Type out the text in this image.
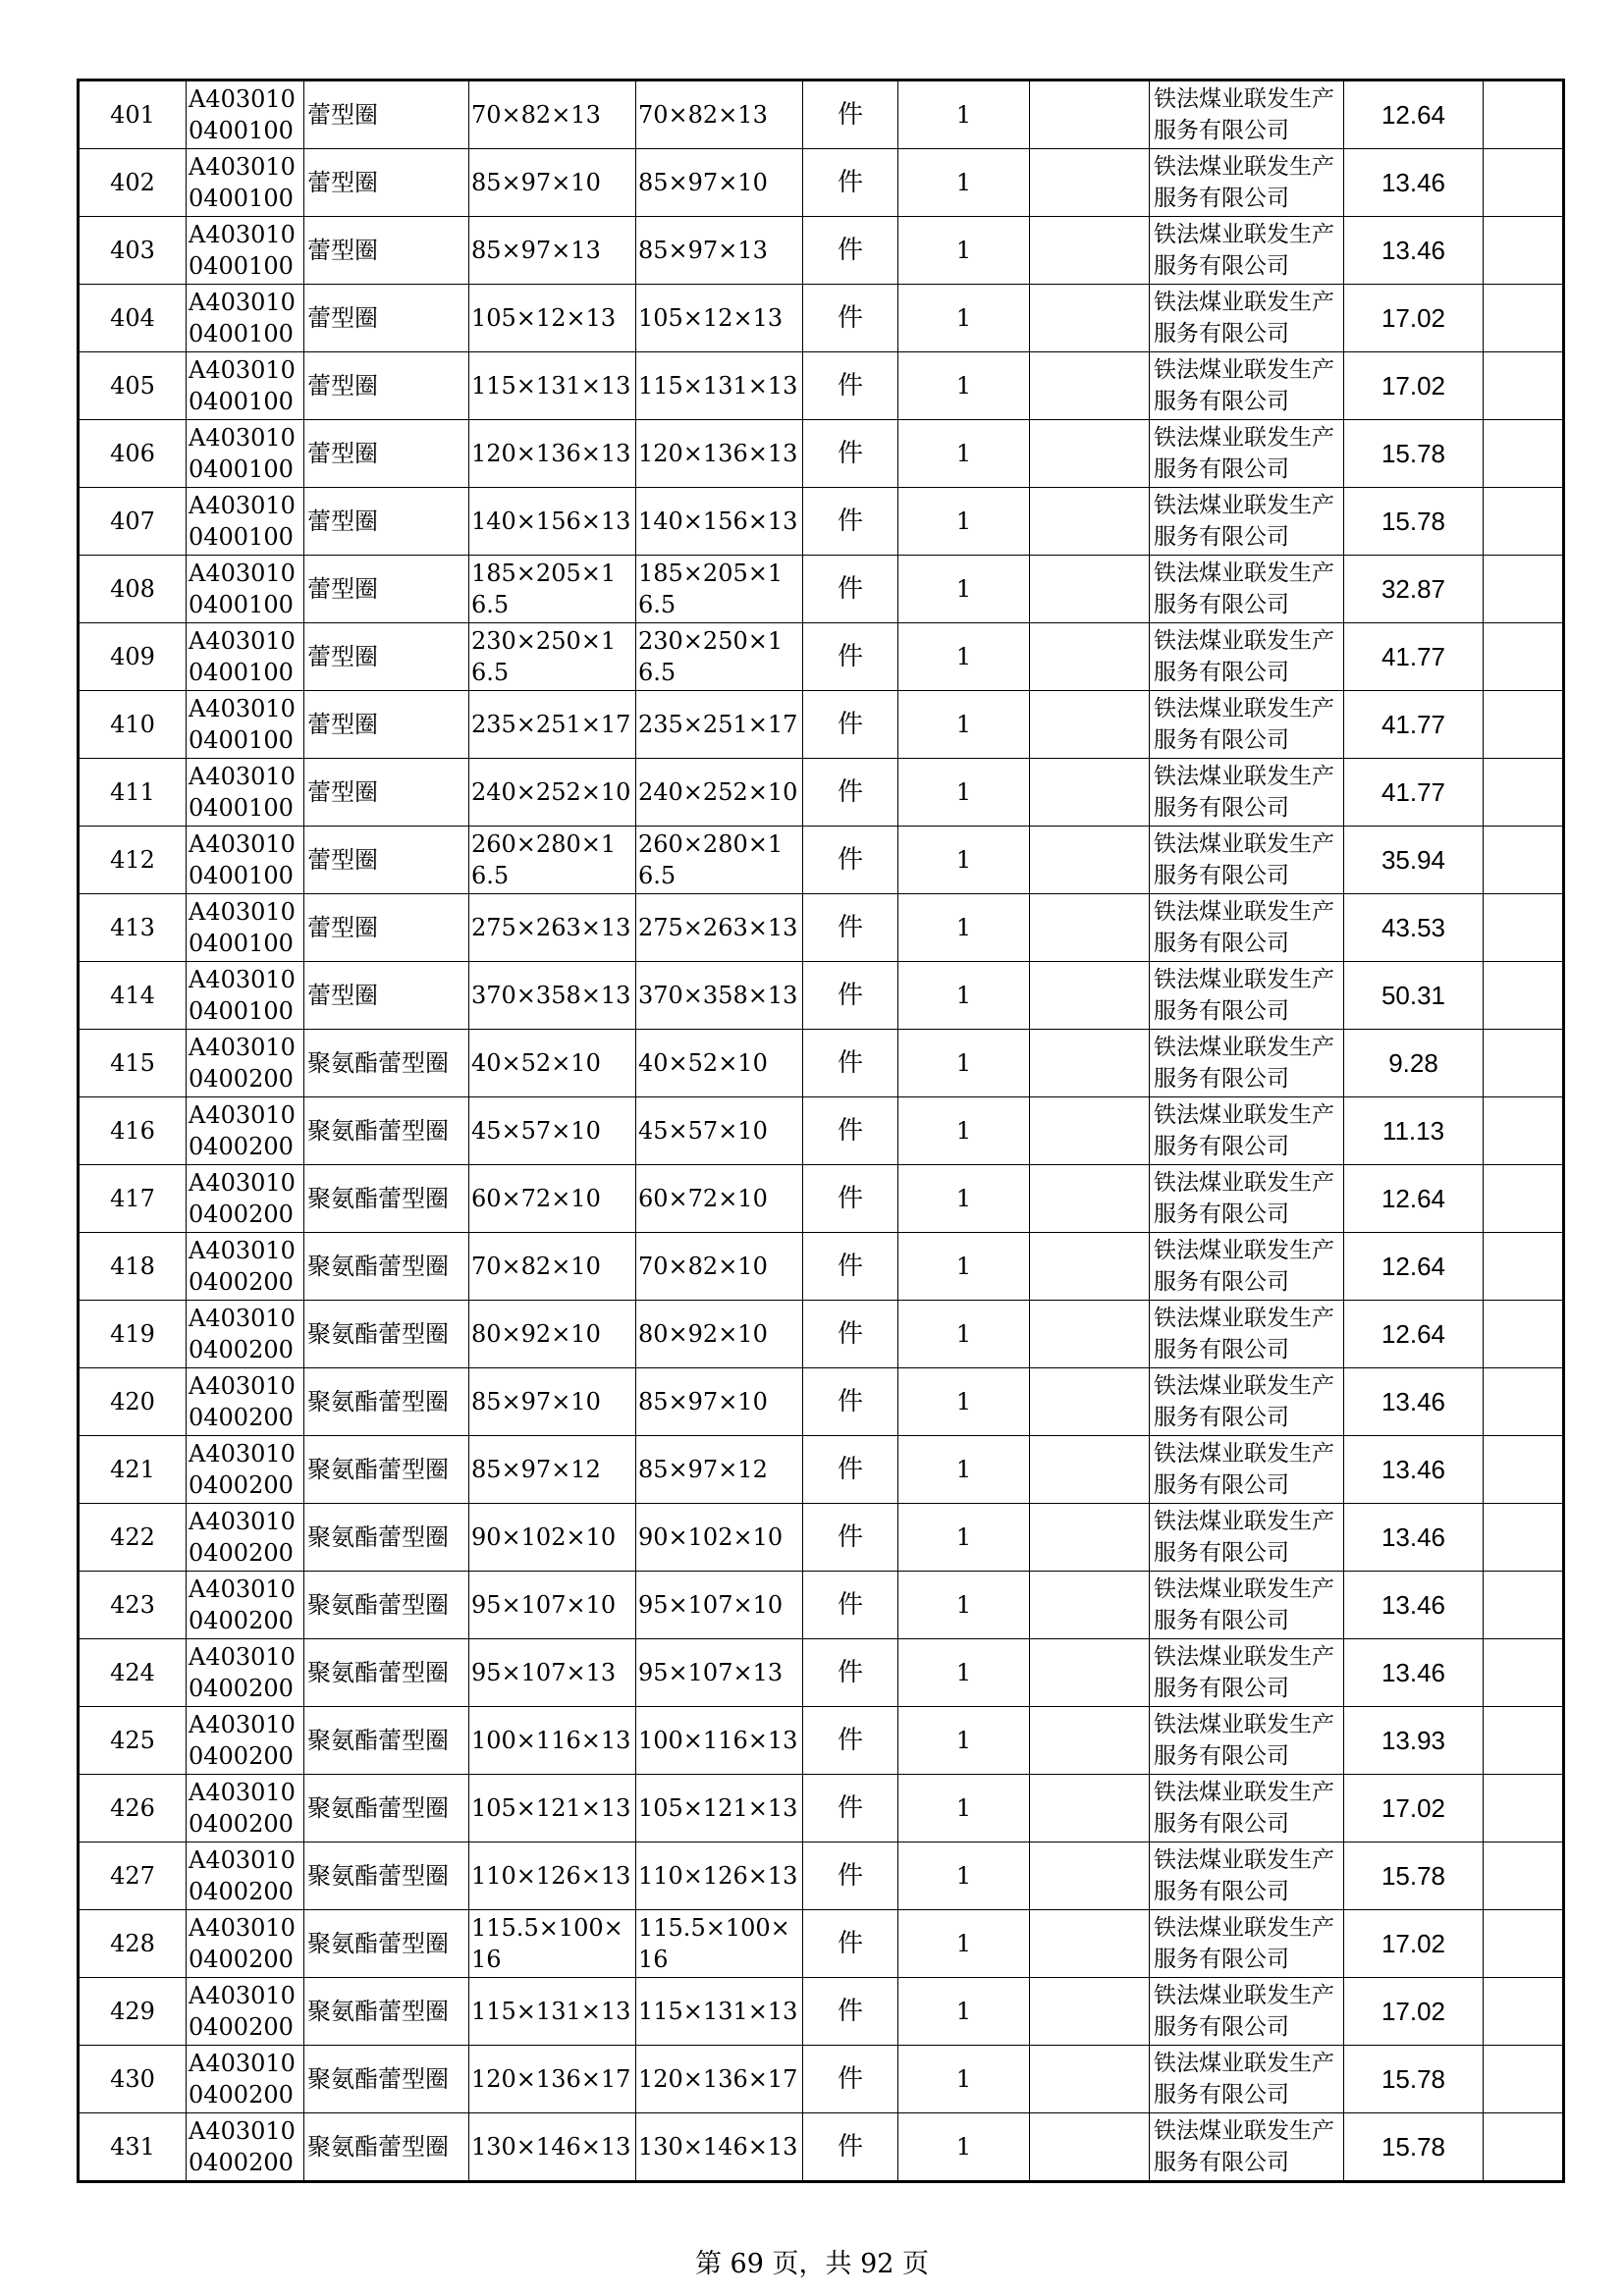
401	A4030100400100	蕾型圈	70×82×13	70×82×13	件	1		铁法煤业联发生产服务有限公司	12.64	
402	A4030100400100	蕾型圈	85×97×10	85×97×10	件	1		铁法煤业联发生产服务有限公司	13.46	
403	A4030100400100	蕾型圈	85×97×13	85×97×13	件	1		铁法煤业联发生产服务有限公司	13.46	
404	A4030100400100	蕾型圈	105×12×13	105×12×13	件	1		铁法煤业联发生产服务有限公司	17.02	
405	A4030100400100	蕾型圈	115×131×13	115×131×13	件	1		铁法煤业联发生产服务有限公司	17.02	
406	A4030100400100	蕾型圈	120×136×13	120×136×13	件	1		铁法煤业联发生产服务有限公司	15.78	
407	A4030100400100	蕾型圈	140×156×13	140×156×13	件	1		铁法煤业联发生产服务有限公司	15.78	
408	A4030100400100	蕾型圈	185×205×16.5	185×205×16.5	件	1		铁法煤业联发生产服务有限公司	32.87	
409	A4030100400100	蕾型圈	230×250×16.5	230×250×16.5	件	1		铁法煤业联发生产服务有限公司	41.77	
410	A4030100400100	蕾型圈	235×251×17	235×251×17	件	1		铁法煤业联发生产服务有限公司	41.77	
411	A4030100400100	蕾型圈	240×252×10	240×252×10	件	1		铁法煤业联发生产服务有限公司	41.77	
412	A4030100400100	蕾型圈	260×280×16.5	260×280×16.5	件	1		铁法煤业联发生产服务有限公司	35.94	
413	A4030100400100	蕾型圈	275×263×13	275×263×13	件	1		铁法煤业联发生产服务有限公司	43.53	
414	A4030100400100	蕾型圈	370×358×13	370×358×13	件	1		铁法煤业联发生产服务有限公司	50.31	
415	A4030100400200	聚氨酯蕾型圈	40×52×10	40×52×10	件	1		铁法煤业联发生产服务有限公司	9.28	
416	A4030100400200	聚氨酯蕾型圈	45×57×10	45×57×10	件	1		铁法煤业联发生产服务有限公司	11.13	
417	A4030100400200	聚氨酯蕾型圈	60×72×10	60×72×10	件	1		铁法煤业联发生产服务有限公司	12.64	
418	A4030100400200	聚氨酯蕾型圈	70×82×10	70×82×10	件	1		铁法煤业联发生产服务有限公司	12.64	
419	A4030100400200	聚氨酯蕾型圈	80×92×10	80×92×10	件	1		铁法煤业联发生产服务有限公司	12.64	
420	A4030100400200	聚氨酯蕾型圈	85×97×10	85×97×10	件	1		铁法煤业联发生产服务有限公司	13.46	
421	A4030100400200	聚氨酯蕾型圈	85×97×12	85×97×12	件	1		铁法煤业联发生产服务有限公司	13.46	
422	A4030100400200	聚氨酯蕾型圈	90×102×10	90×102×10	件	1		铁法煤业联发生产服务有限公司	13.46	
423	A4030100400200	聚氨酯蕾型圈	95×107×10	95×107×10	件	1		铁法煤业联发生产服务有限公司	13.46	
424	A4030100400200	聚氨酯蕾型圈	95×107×13	95×107×13	件	1		铁法煤业联发生产服务有限公司	13.46	
425	A4030100400200	聚氨酯蕾型圈	100×116×13	100×116×13	件	1		铁法煤业联发生产服务有限公司	13.93	
426	A4030100400200	聚氨酯蕾型圈	105×121×13	105×121×13	件	1		铁法煤业联发生产服务有限公司	17.02	
427	A4030100400200	聚氨酯蕾型圈	110×126×13	110×126×13	件	1		铁法煤业联发生产服务有限公司	15.78	
428	A4030100400200	聚氨酯蕾型圈	115.5×100×16	115.5×100×16	件	1		铁法煤业联发生产服务有限公司	17.02	
429	A4030100400200	聚氨酯蕾型圈	115×131×13	115×131×13	件	1		铁法煤业联发生产服务有限公司	17.02	
430	A4030100400200	聚氨酯蕾型圈	120×136×17	120×136×17	件	1		铁法煤业联发生产服务有限公司	15.78	
431	A4030100400200	聚氨酯蕾型圈	130×146×13	130×146×13	件	1		铁法煤业联发生产服务有限公司	15.78	
第 69 页，共 92 页
